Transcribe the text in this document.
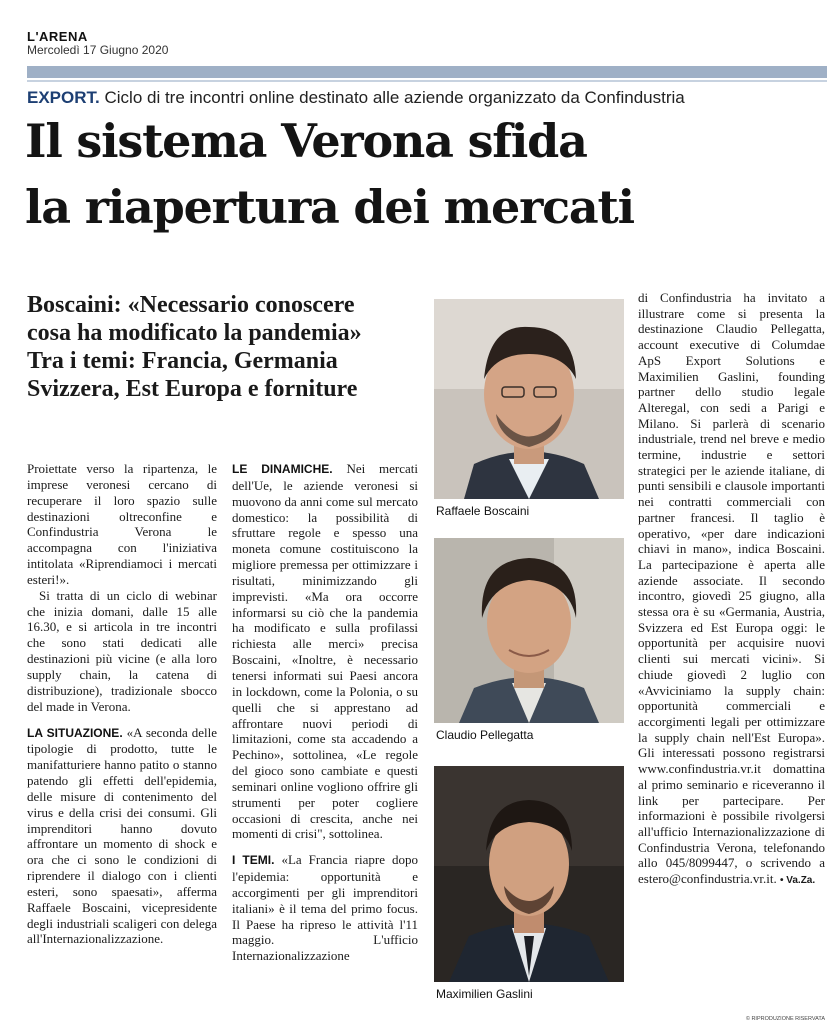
L'ARENA
Mercoledì 17 Giugno 2020
EXPORT. Ciclo di tre incontri online destinato alle aziende organizzato da Confindustria
Il sistema Verona sfida
la riapertura dei mercati
Boscaini: «Necessario conoscere
cosa ha modificato la pandemia»
Tra i temi: Francia, Germania
Svizzera, Est Europa e forniture

Proiettate verso la ripartenza, le imprese veronesi cercano di recuperare il loro spazio sulle destinazioni oltreconfine e Confindustria Verona le accompagna con l'iniziativa intitolata «Riprendiamoci i mercati esteri!».

Si tratta di un ciclo di webinar che inizia domani, dalle 15 alle 16.30, e si articola in tre incontri che sono stati dedicati alle destinazioni più vicine (e alla loro supply chain, la catena di distribuzione), tradizionale sbocco del made in Verona.

LA SITUAZIONE. «A seconda delle tipologie di prodotto, tutte le manifatturiere hanno patito o stanno patendo gli effetti dell'epidemia, delle misure di contenimento del virus e della crisi dei consumi. Gli imprenditori hanno dovuto affrontare un momento di shock e ora che ci sono le condizioni di riprendere il dialogo con i clienti esteri, sono spaesati», afferma Raffaele Boscaini, vicepresidente degli industriali scaligeri con delega all'Internazionalizzazione.

LE DINAMICHE. Nei mercati dell'Ue, le aziende veronesi si muovono da anni come sul mercato domestico: la possibilità di sfruttare regole e spesso una moneta comune costituiscono la migliore premessa per ottimizzare i risultati, minimizzando gli imprevisti. «Ma ora occorre informarsi su ciò che la pandemia ha modificato e sulla profilassi richiesta alle merci» precisa Boscaini, «Inoltre, è necessario tenersi informati sui Paesi ancora in lockdown, come la Polonia, o su quelli che si apprestano ad affrontare nuovi periodi di limitazioni, come sta accadendo a Pechino», sottolinea, «Le regole del gioco sono cambiate e questi seminari online vogliono offrire gli strumenti per poter cogliere occasioni di crescita, anche nei momenti di crisi", sottolinea.

I TEMI. «La Francia riapre dopo l'epidemia: opportunità e accorgimenti per gli imprenditori italiani» è il tema del primo focus. Il Paese ha ripreso le attività l'11 maggio. L'ufficio Internazionalizzazione

Raffaele Boscaini
Claudio Pellegatta
Maximilien Gaslini

di Confindustria ha invitato a illustrare come si presenta la destinazione Claudio Pellegatta, account executive di Columdae ApS Export Solutions e Maximilien Gaslini, founding partner dello studio legale Alteregal, con sedi a Parigi e Milano. Si parlerà di scenario industriale, trend nel breve e medio termine, industrie e settori strategici per le aziende italiane, di punti sensibili e clausole importanti nei contratti commerciali con partner francesi. Il taglio è operativo, «per dare indicazioni chiavi in mano», indica Boscaini. La partecipazione è aperta alle aziende associate. Il secondo incontro, giovedì 25 giugno, alla stessa ora è su «Germania, Austria, Svizzera ed Est Europa oggi: le opportunità per acquisire nuovi clienti sui mercati vicini». Si chiude giovedì 2 luglio con «Avviciniamo la supply chain: opportunità commerciali e accorgimenti legali per ottimizzare la supply chain nell'Est Europa». Gli interessati possono registrarsi www.confindustria.vr.it domattina al primo seminario e riceveranno il link per partecipare. Per informazioni è possibile rivolgersi all'ufficio Internazionalizzazione di Confindustria Verona, telefonando allo 045/8099447, o scrivendo a estero@confindustria.vr.it. • Va.Za.

© RIPRODUZIONE RISERVATA
